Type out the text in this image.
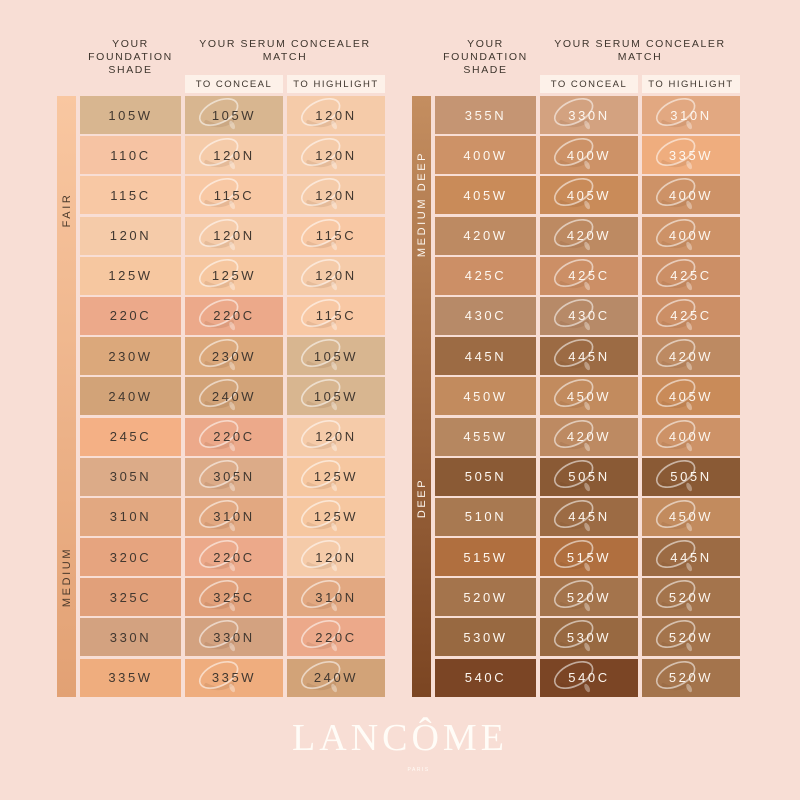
YOUR
FOUNDATION
SHADE
YOUR SERUM CONCEALER
MATCH
TO CONCEAL	TO HIGHLIGHT
FAIR
MEDIUM
105W	105W	120N
110C	120N	120N
115C	115C	120N
120N	120N	115C
125W	125W	120N
220C	220C	115C
230W	230W	105W
240W	240W	105W
245C	220C	120N
305N	305N	125W
310N	310N	125W
320C	220C	120N
325C	325C	310N
330N	330N	220C
335W	335W	240W
YOUR
FOUNDATION
SHADE
YOUR SERUM CONCEALER
MATCH
TO CONCEAL	TO HIGHLIGHT
MEDIUM DEEP
DEEP
355N	330N	310N
400W	400W	335W
405W	405W	400W
420W	420W	400W
425C	425C	425C
430C	430C	425C
445N	445N	420W
450W	450W	405W
455W	420W	400W
505N	505N	505N
510N	445N	450W
515W	515W	445N
520W	520W	520W
530W	530W	520W
540C	540C	520W
LANCÔME
PARIS
